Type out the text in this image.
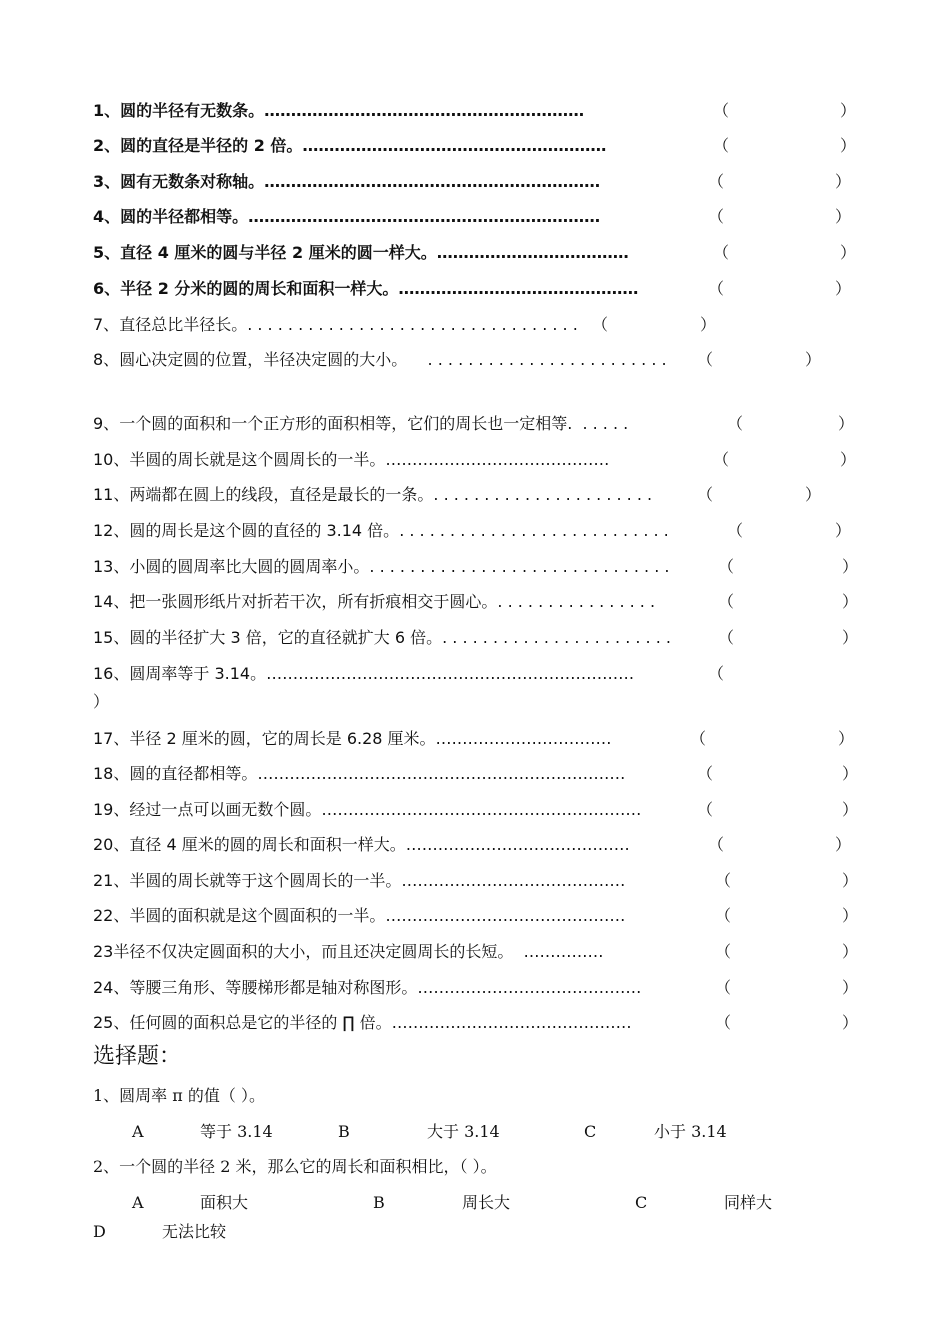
1、圆的半径有无数条。……………………………………………………	（	）
2、圆的直径是半径的 2 倍。…………………………………………………	（	）
3、圆有无数条对称轴。………………………………………………………	（	）
4、圆的半径都相等。…………………………………………………………	（	）
5、直径 4 厘米的圆与半径 2 厘米的圆一样大。………………………………	（	）
6、半径 2 分米的圆的周长和面积一样大。………………………………………	（	）
7、直径总比半径长。. . . . . . . . . . . . . . . . . . . . . . . . . . . . . . . . . （	）
8、圆心决定圆的位置，半径决定圆的大小。 . . . . . . . . . . . . . . . . . . . . . . . . （	）
9、一个圆的面积和一个正方形的面积相等，它们的周长也一定相等. . . . . .	（	）
10、半圆的周长就是这个圆周长的一半。……………………………………	（	）
11、两端都在圆上的线段，直径是最长的一条。. . . . . . . . . . . . . . . . . . . . . .	（	）
12、圆的周长是这个圆的直径的 3.14 倍。. . . . . . . . . . . . . . . . . . . . . . . . . . .	（	）
13、小圆的圆周率比大圆的圆周率小。. . . . . . . . . . . . . . . . . . . . . . . . . . . . . .	（	）
14、把一张圆形纸片对折若干次，所有折痕相交于圆心。. . . . . . . . . . . . . . . .	（	）
15、圆的半径扩大 3 倍，它的直径就扩大 6 倍。. . . . . . . . . . . . . . . . . . . . . . .	（	）
16、圆周率等于 3.14。……………………………………………………………	（
）
17、半径 2 厘米的圆，它的周长是 6.28 厘米。……………………………	（	）
18、圆的直径都相等。……………………………………………………………	（	）
19、经过一点可以画无数个圆。……………………………………………………	（	）
20、直径 4 厘米的圆的周长和面积一样大。……………………………………	（	）
21、半圆的周长就等于这个圆周长的一半。……………………………………	（	）
22、半圆的面积就是这个圆面积的一半。………………………………………	（	）
23半径不仅决定圆面积的大小，而且还决定圆周长的长短。 ……………	（	）
24、等腰三角形、等腰梯形都是轴对称图形。……………………………………	（	）
25、任何圆的面积总是它的半径的 ∏ 倍。………………………………………	（	）
选择题：
1、圆周率 π 的值（ ）。
A	等于 3.14	B	大于 3.14	C	小于 3.14
2、一个圆的半径 2 米，那么它的周长和面积相比，（ ）。
A	面积大	B	周长大	C	同样大
D	无法比较
